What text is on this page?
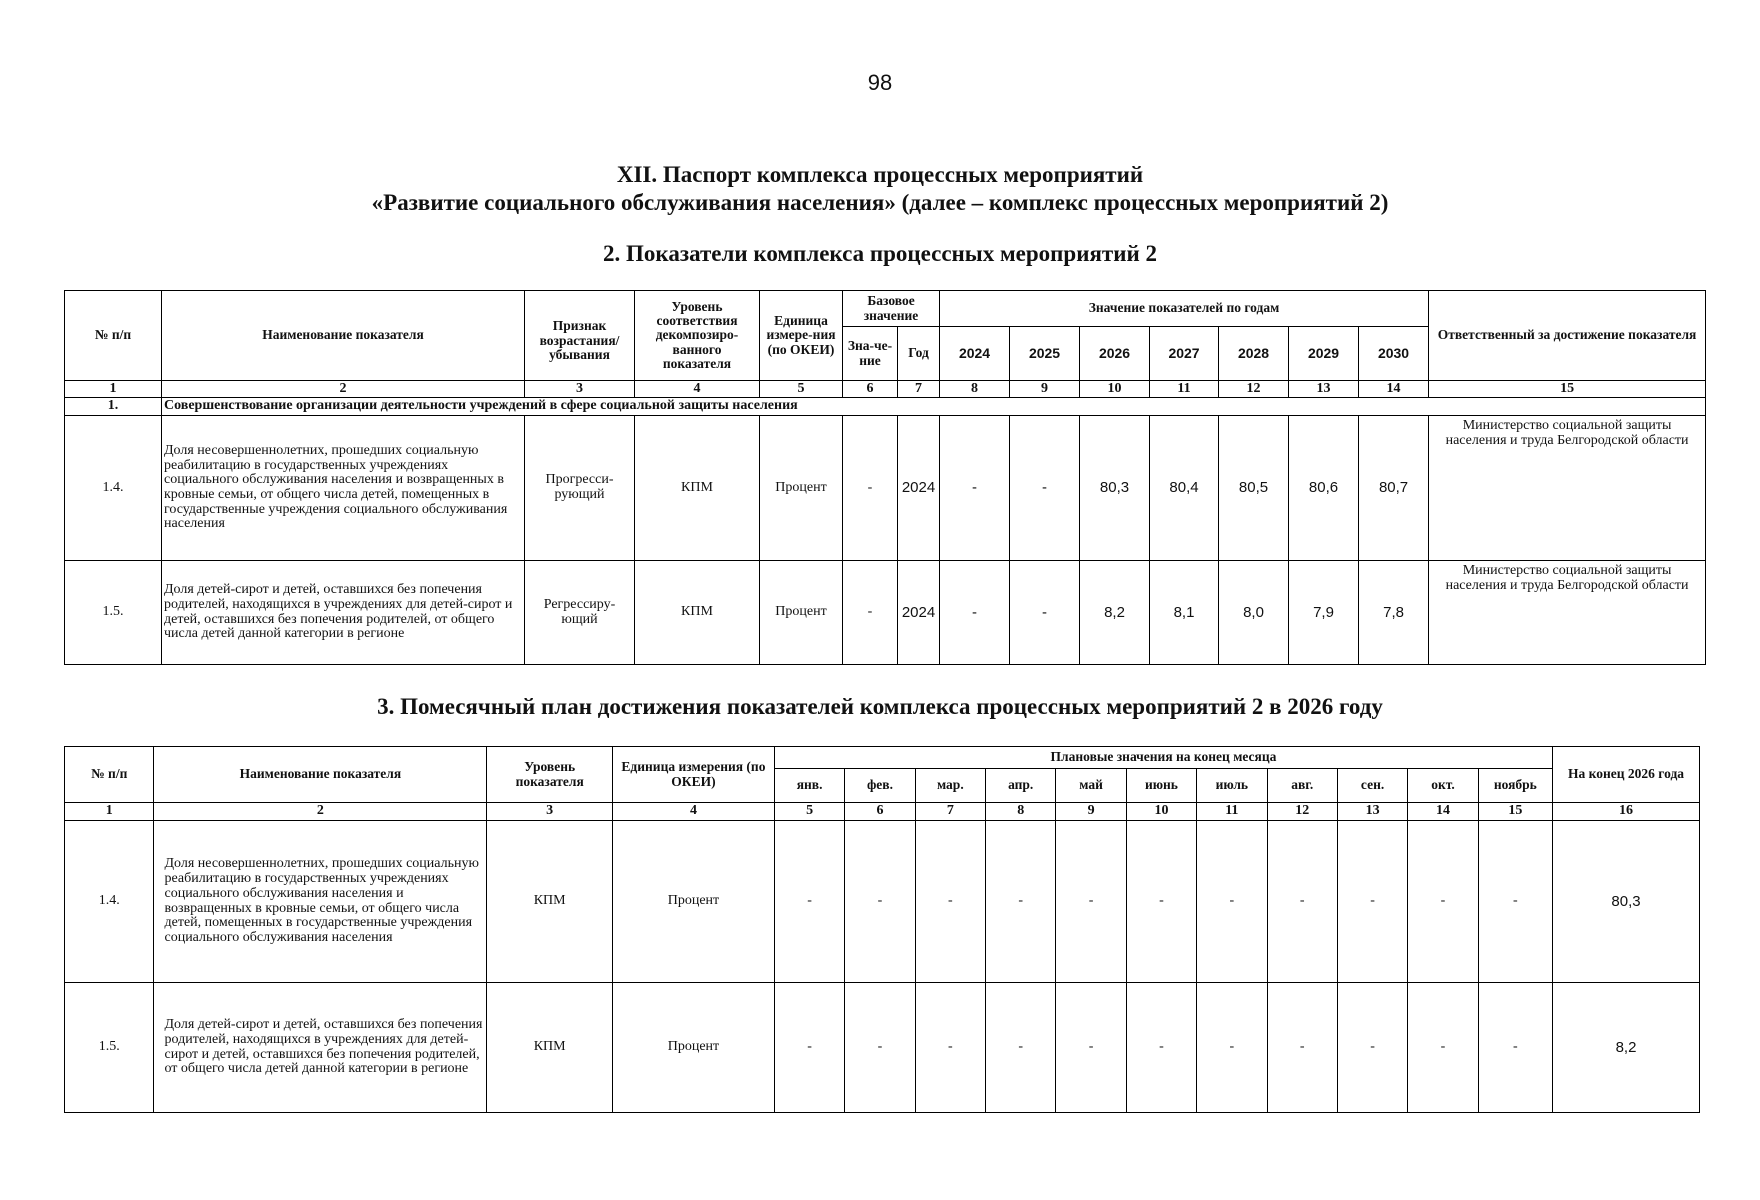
98
XII. Паспорт комплекса процессных мероприятий
«Развитие социального обслуживания населения» (далее – комплекс процессных мероприятий 2)
2. Показатели комплекса процессных мероприятий 2
№ п/п	Наименование показателя	Признак возрастания/ убывания	Уровень соответствия декомпозиро-ванного показателя	Единица измере-ния (по ОКЕИ)	Базовое значение		Значение показателей по годам							Ответственный за достижение показателя
					Зна-че-ние	Год	2024	2025	2026	2027	2028	2029	2030	
1	2	3	4	5	6	7	8	9	10	11	12	13	14	15
1.	Совершенствование организации деятельности учреждений в сфере социальной защиты населения													
1.4.	Доля несовершеннолетних, прошедших социальную реабилитацию в государственных учреждениях социального обслуживания населения и возвращенных в кровные семьи, от общего числа детей, помещенных в государственные учреждения социального обслуживания населения	Прогресси-рующий	КПМ	Процент	-	2024	-	-	80,3	80,4	80,5	80,6	80,7	Министерство социальной защиты населения и труда Белгородской области
1.5.	Доля детей-сирот и детей, оставшихся без попечения родителей, находящихся в учреждениях для детей-сирот и детей, оставшихся без попечения родителей, от общего числа детей данной категории в регионе	Регрессиру-ющий	КПМ	Процент	-	2024	-	-	8,2	8,1	8,0	7,9	7,8	Министерство социальной защиты населения и труда Белгородской области
3. Помесячный план достижения показателей комплекса процессных мероприятий 2 в 2026 году
№ п/п	Наименование показателя	Уровень показателя	Единица измерения (по ОКЕИ)	Плановые значения на конец месяца											На конец 2026 года
				янв.	фев.	мар.	апр.	май	июнь	июль	авг.	сен.	окт.	ноябрь	
1	2	3	4	5	6	7	8	9	10	11	12	13	14	15	16
1.4.	Доля несовершеннолетних, прошедших социальную реабилитацию в государственных учреждениях социального обслуживания населения и возвращенных в кровные семьи, от общего числа детей, помещенных в государственные учреждения социального обслуживания населения	КПМ	Процент	-	-	-	-	-	-	-	-	-	-	-	80,3
1.5.	Доля детей-сирот и детей, оставшихся без попечения родителей, находящихся в учреждениях для детей-сирот и детей, оставшихся без попечения родителей, от общего числа детей данной категории в регионе	КПМ	Процент	-	-	-	-	-	-	-	-	-	-	-	8,2
